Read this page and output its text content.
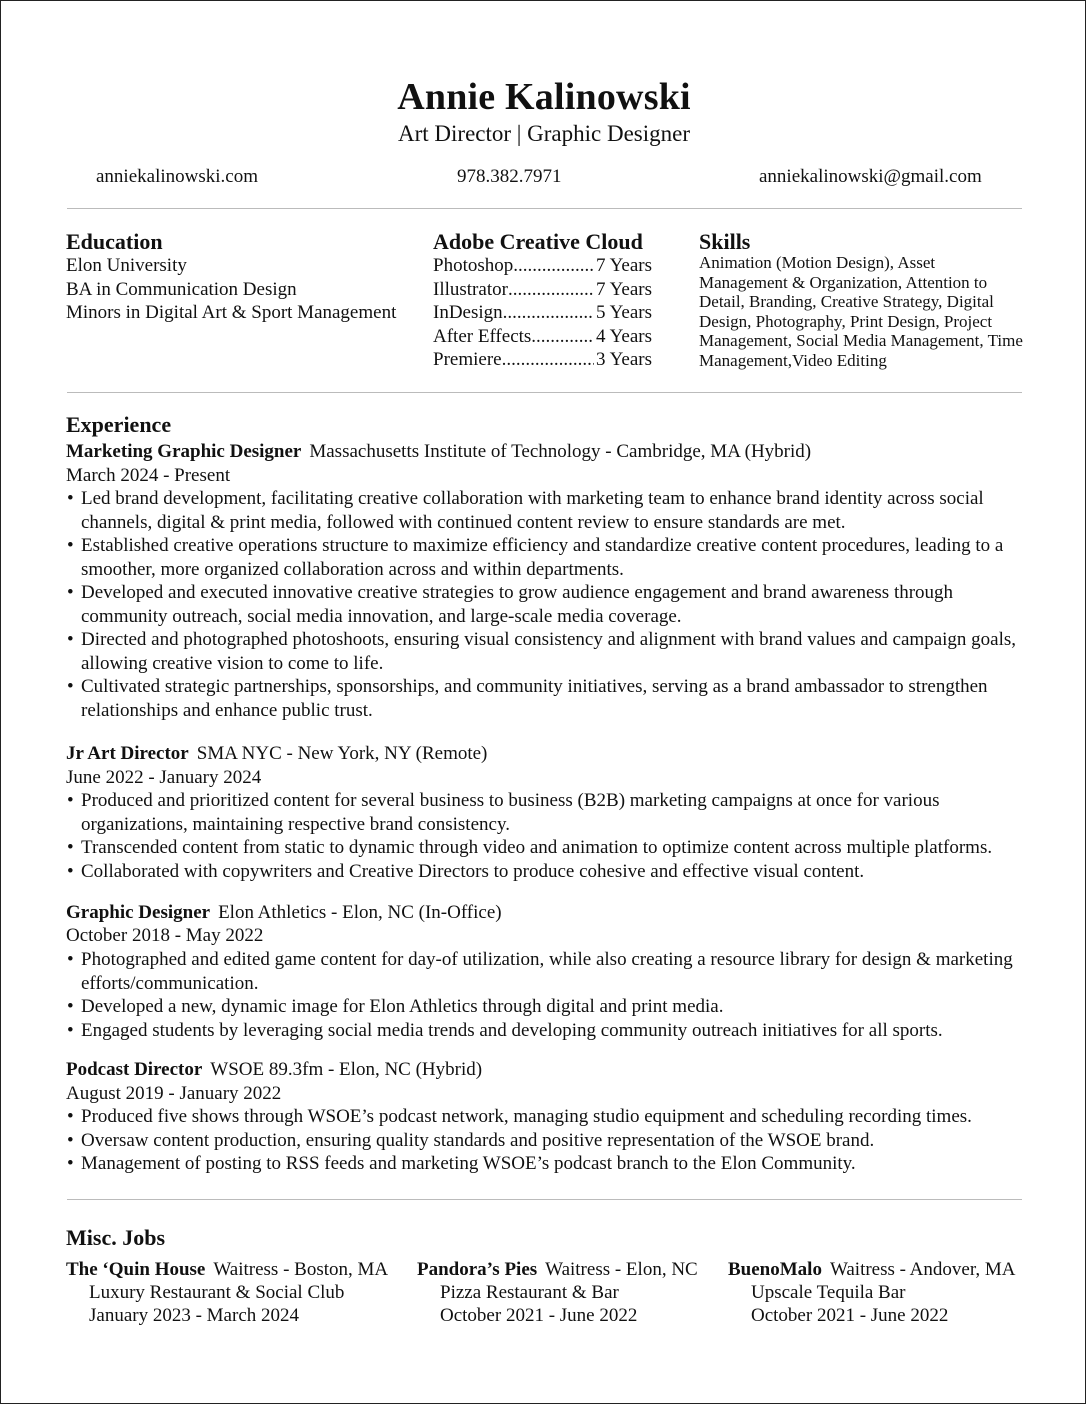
Annie Kalinowski
Art Director | Graphic Designer
anniekalinowski.com	978.382.7971	anniekalinowski@gmail.com
Education
Elon University
BA in Communication Design
Minors in Digital Art & Sport Management
Adobe Creative Cloud
Photoshop .....	7 Years
Illustrator .....	7 Years
InDesign .....	5 Years
After Effects .....	4 Years
Premiere .....	3 Years
Skills
Animation (Motion Design), Asset Management & Organization, Attention to Detail, Branding, Creative Strategy, Digital Design, Photography, Print Design, Project Management, Social Media Management, Time Management,Video Editing
Experience
Marketing Graphic Designer Massachusetts Institute of Technology - Cambridge, MA (Hybrid)
March 2024 - Present
• Led brand development, facilitating creative collaboration with marketing team to enhance brand identity across social channels, digital & print media, followed with continued content review to ensure standards are met.
• Established creative operations structure to maximize efficiency and standardize creative content procedures, leading to a smoother, more organized collaboration across and within departments.
• Developed and executed innovative creative strategies to grow audience engagement and brand awareness through community outreach, social media innovation, and large-scale media coverage.
• Directed and photographed photoshoots, ensuring visual consistency and alignment with brand values and campaign goals, allowing creative vision to come to life.
• Cultivated strategic partnerships, sponsorships, and community initiatives, serving as a brand ambassador to strengthen relationships and enhance public trust.
Jr Art Director SMA NYC - New York, NY (Remote)
June 2022 - January 2024
• Produced and prioritized content for several business to business (B2B) marketing campaigns at once for various organizations, maintaining respective brand consistency.
• Transcended content from static to dynamic through video and animation to optimize content across multiple platforms.
• Collaborated with copywriters and Creative Directors to produce cohesive and effective visual content.
Graphic Designer Elon Athletics - Elon, NC (In-Office)
October 2018 - May 2022
• Photographed and edited game content for day-of utilization, while also creating a resource library for design & marketing efforts/communication.
• Developed a new, dynamic image for Elon Athletics through digital and print media.
• Engaged students by leveraging social media trends and developing community outreach initiatives for all sports.
Podcast Director WSOE 89.3fm - Elon, NC (Hybrid)
August 2019 - January 2022
• Produced five shows through WSOE’s podcast network, managing studio equipment and scheduling recording times.
• Oversaw content production, ensuring quality standards and positive representation of the WSOE brand.
• Management of posting to RSS feeds and marketing WSOE’s podcast branch to the Elon Community.
Misc. Jobs
The ‘Quin House Waitress - Boston, MA
Luxury Restaurant & Social Club
January 2023 - March 2024
Pandora’s Pies Waitress - Elon, NC
Pizza Restaurant & Bar
October 2021 - June 2022
BuenoMalo Waitress - Andover, MA
Upscale Tequila Bar
October 2021 - June 2022
